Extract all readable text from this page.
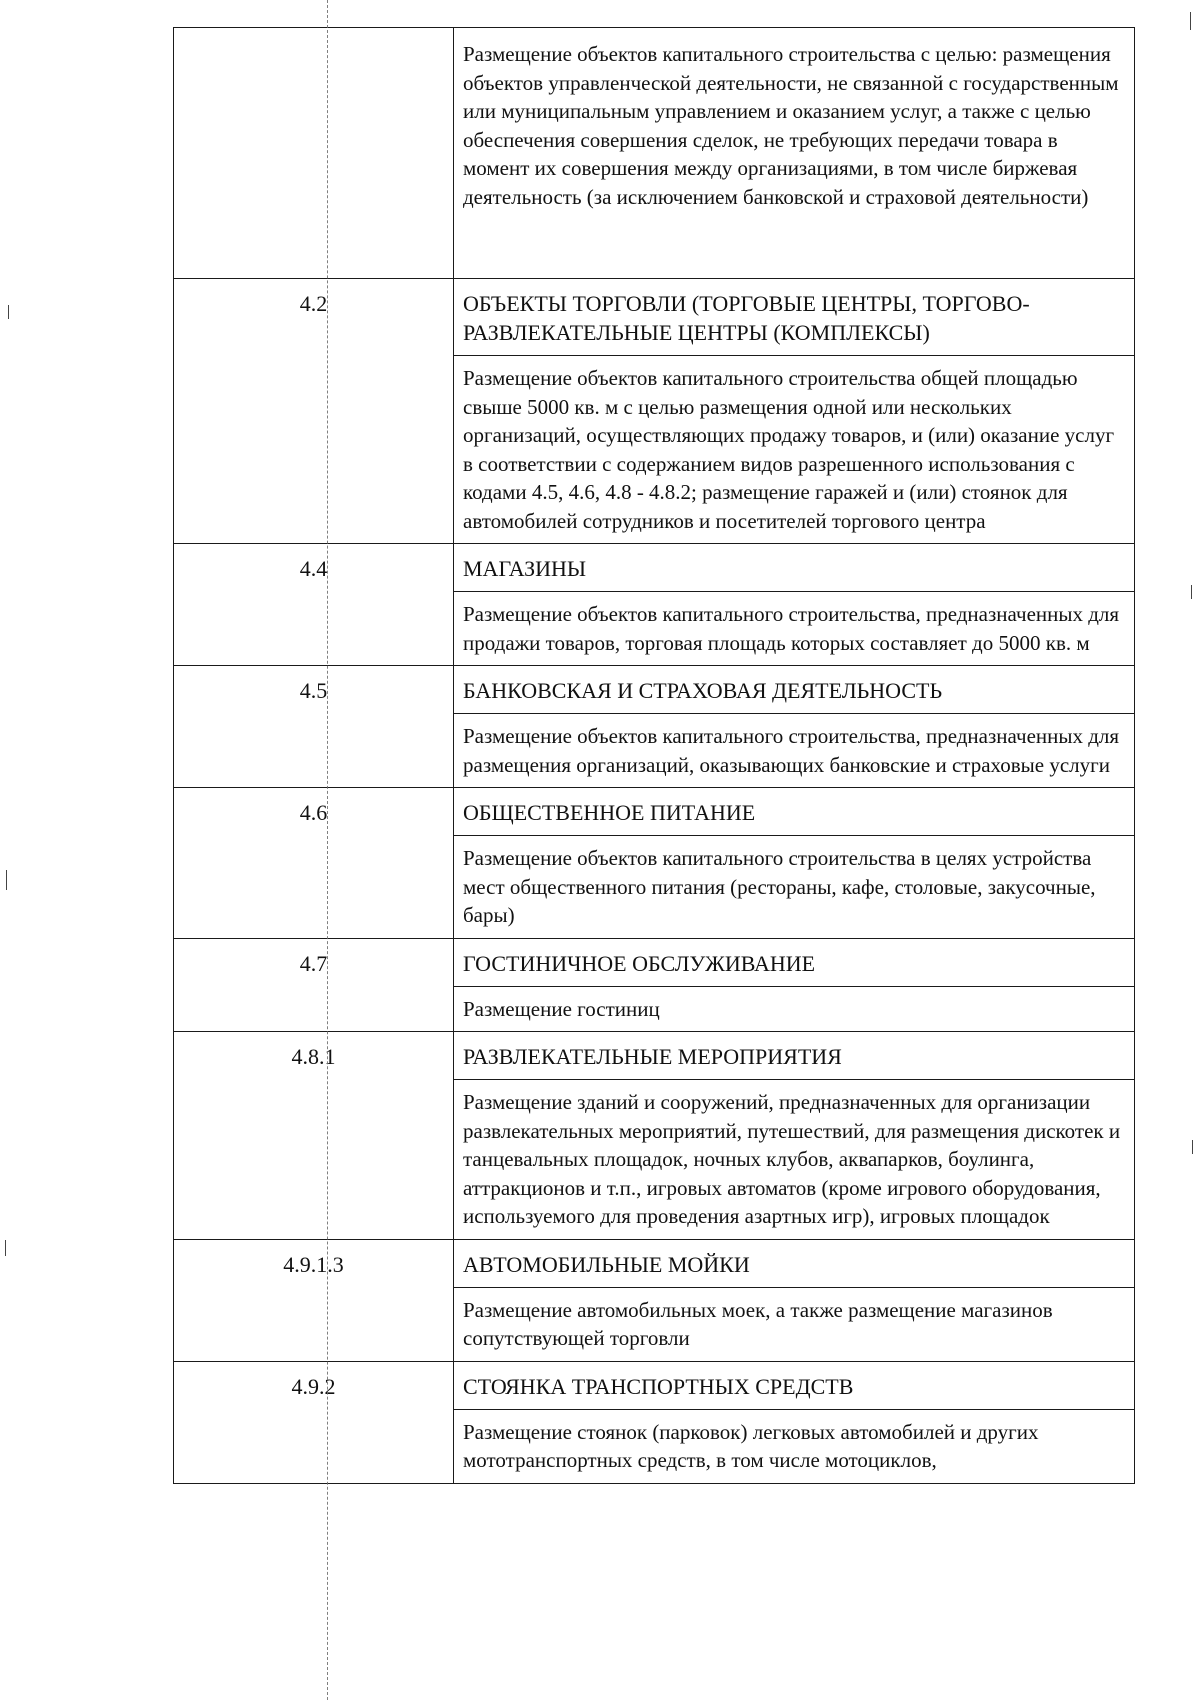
	Размещение объектов капитального строительства с целью: размещения объектов управленческой деятельности, не связанной с государственным или муниципальным управлением и оказанием услуг, а также с целью обеспечения совершения сделок, не требующих передачи товара в момент их совершения между организациями, в том числе биржевая деятельность (за исключением банковской и страховой деятельности)
4.2	ОБЪЕКТЫ ТОРГОВЛИ (ТОРГОВЫЕ ЦЕНТРЫ, ТОРГОВО-РАЗВЛЕКАТЕЛЬНЫЕ ЦЕНТРЫ (КОМПЛЕКСЫ)
	Размещение объектов капитального строительства общей площадью свыше 5000 кв. м с целью размещения одной или нескольких организаций, осуществляющих продажу товаров, и (или) оказание услуг в соответствии с содержанием видов разрешенного использования с кодами 4.5, 4.6, 4.8 - 4.8.2; размещение гаражей и (или) стоянок для автомобилей сотрудников и посетителей торгового центра
4.4	МАГАЗИНЫ
	Размещение объектов капитального строительства, предназначенных для продажи товаров, торговая площадь которых составляет до 5000 кв. м
4.5	БАНКОВСКАЯ И СТРАХОВАЯ ДЕЯТЕЛЬНОСТЬ
	Размещение объектов капитального строительства, предназначенных для размещения организаций, оказывающих банковские и страховые услуги
4.6	ОБЩЕСТВЕННОЕ ПИТАНИЕ
	Размещение объектов капитального строительства в целях устройства мест общественного питания (рестораны, кафе, столовые, закусочные, бары)
4.7	ГОСТИНИЧНОЕ ОБСЛУЖИВАНИЕ
	Размещение гостиниц
4.8.1	РАЗВЛЕКАТЕЛЬНЫЕ МЕРОПРИЯТИЯ
	Размещение зданий и сооружений, предназначенных для организации развлекательных мероприятий, путешествий, для размещения дискотек и танцевальных площадок, ночных клубов, аквапарков, боулинга, аттракционов и т.п., игровых автоматов (кроме игрового оборудования, используемого для проведения азартных игр), игровых площадок
4.9.1.3	АВТОМОБИЛЬНЫЕ МОЙКИ
	Размещение автомобильных моек, а также размещение магазинов сопутствующей торговли
4.9.2	СТОЯНКА ТРАНСПОРТНЫХ СРЕДСТВ
	Размещение стоянок (парковок) легковых автомобилей и других мототранспортных средств, в том числе мотоциклов,
